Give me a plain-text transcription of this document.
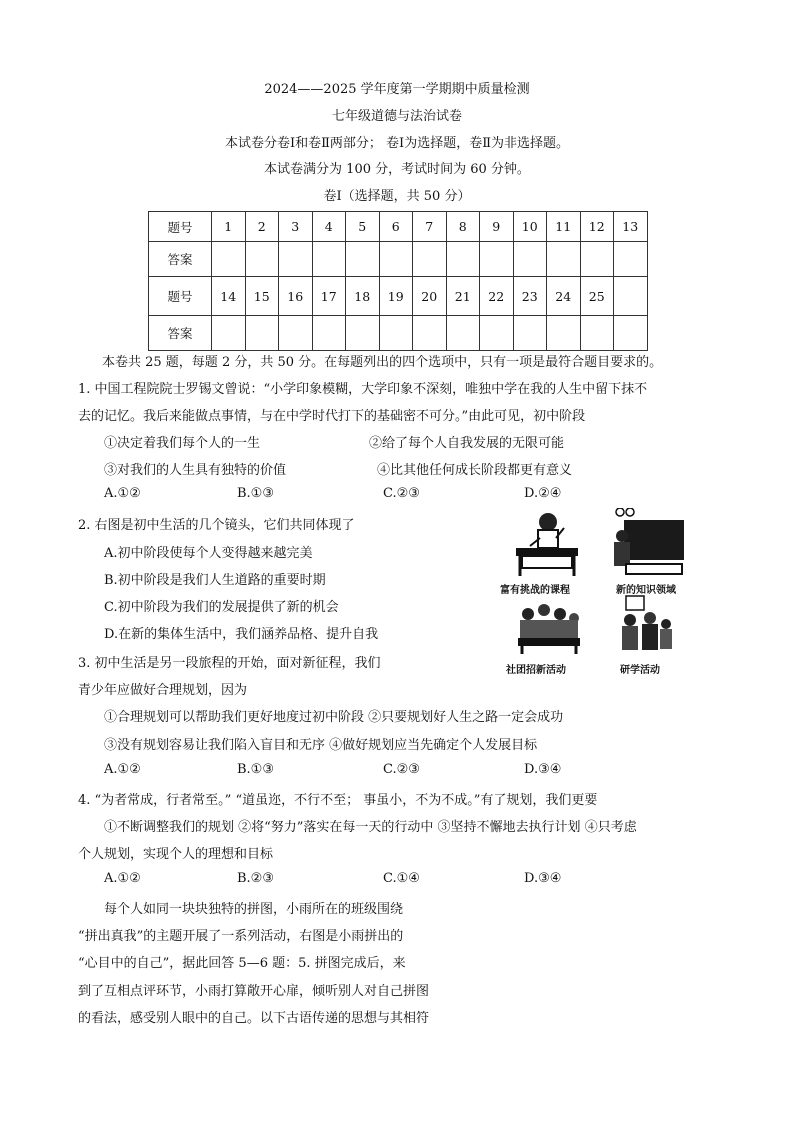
2024——2025 学年度第一学期期中质量检测
七年级道德与法治试卷
本试卷分卷Ⅰ和卷Ⅱ两部分； 卷Ⅰ为选择题，卷Ⅱ为非选择题。
本试卷满分为 100 分，考试时间为 60 分钟。
卷Ⅰ（选择题，共 50 分）
题号	1	2	3	4	5	6	7	8	9	10	11	12	13
答案													
题号	14	15	16	17	18	19	20	21	22	23	24	25	
答案													
本卷共 25 题，每题 2 分，共 50 分。在每题列出的四个选项中，只有一项是最符合题目要求的。
1. 中国工程院院士罗锡文曾说：“小学印象模糊，大学印象不深刻，唯独中学在我的人生中留下抹不
去的记忆。我后来能做点事情，与在中学时代打下的基础密不可分。”由此可见，初中阶段
①决定着我们每个人的一生	②给了每个人自我发展的无限可能
③对我们的人生具有独特的价值	④比其他任何成长阶段都更有意义
A.①②	B.①③	C.②③	D.②④
2. 右图是初中生活的几个镜头，它们共同体现了
A.初中阶段使每个人变得越来越完美
B.初中阶段是我们人生道路的重要时期
C.初中阶段为我们的发展提供了新的机会
D.在新的集体生活中，我们涵养品格、提升自我
富有挑战的课程	新的知识领域
社团招新活动	研学活动
3. 初中生活是另一段旅程的开始，面对新征程，我们
青少年应做好合理规划，因为
①合理规划可以帮助我们更好地度过初中阶段 ②只要规划好人生之路一定会成功
③没有规划容易让我们陷入盲目和无序 ④做好规划应当先确定个人发展目标
A.①②	B.①③	C.②③	D.③④
4. “为者常成，行者常至。” “道虽迩，不行不至； 事虽小，不为不成。”有了规划，我们更要
①不断调整我们的规划 ②将“努力”落实在每一天的行动中 ③坚持不懈地去执行计划 ④只考虑
个人规划，实现个人的理想和目标
A.①②	B.②③	C.①④	D.③④
每个人如同一块块独特的拼图，小雨所在的班级围绕
“拼出真我”的主题开展了一系列活动，右图是小雨拼出的
“心目中的自己”，据此回答 5—6 题：5. 拼图完成后，来
到了互相点评环节，小雨打算敞开心扉，倾听别人对自己拼图
的看法，感受别人眼中的自己。以下古语传递的思想与其相符
